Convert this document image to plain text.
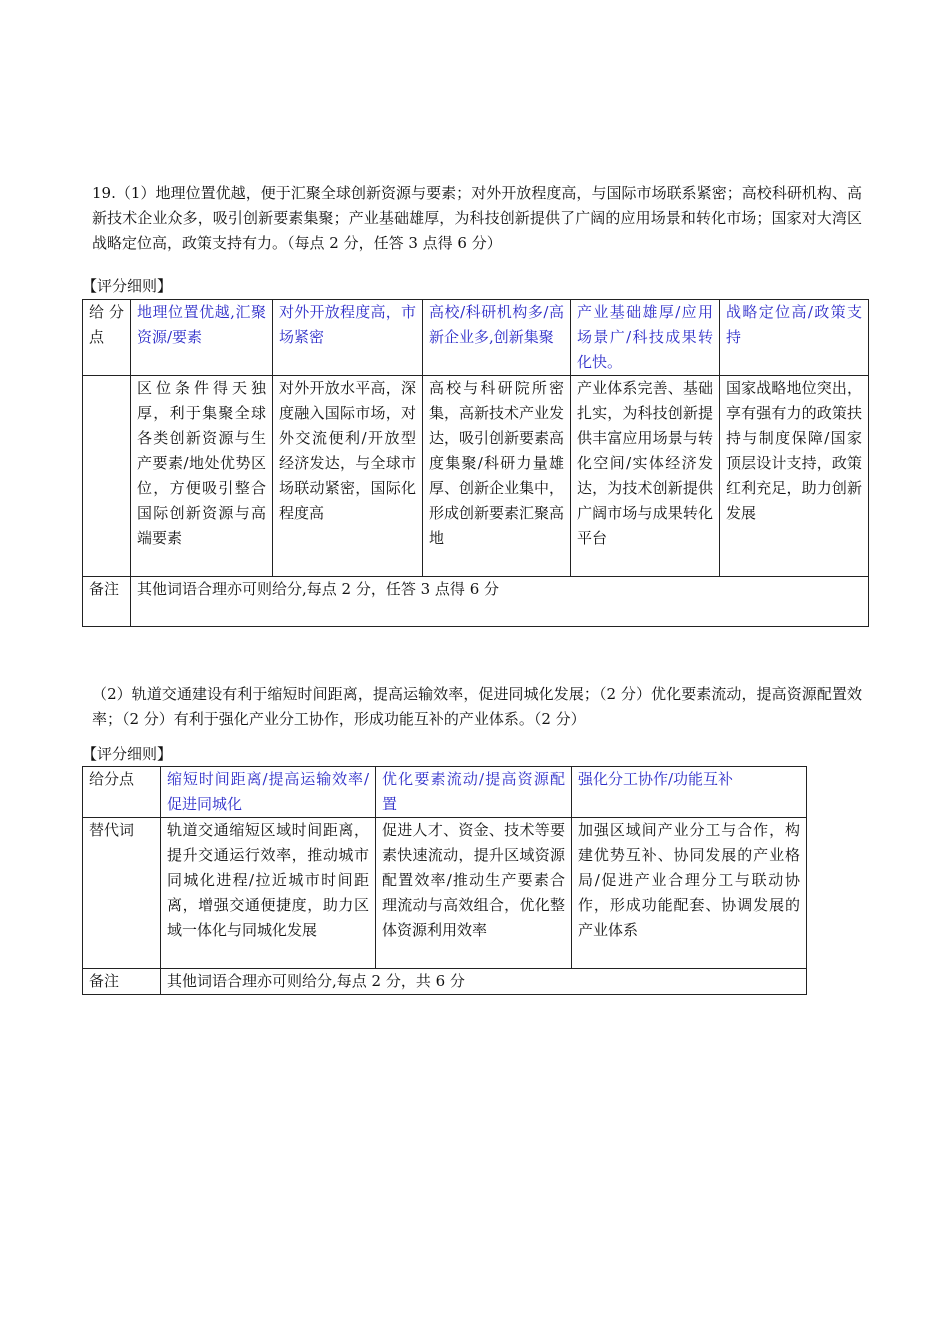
19.（1）地理位置优越，便于汇聚全球创新资源与要素；对外开放程度高，与国际市场联系紧密；高校科研机构、高新技术企业众多，吸引创新要素集聚；产业基础雄厚，为科技创新提供了广阔的应用场景和转化市场；国家对大湾区战略定位高，政策支持有力。（每点 2 分，任答 3 点得 6 分）

【评分细则】

给分点	地理位置优越,汇聚资源/要素	对外开放程度高，市场紧密	高校/科研机构多/高新企业多,创新集聚	产业基础雄厚/应用场景广/科技成果转化快。	战略定位高/政策支持
	区位条件得天独厚，利于集聚全球各类创新资源与生产要素/地处优势区位，方便吸引整合国际创新资源与高端要素	对外开放水平高，深度融入国际市场，对外交流便利/开放型经济发达，与全球市场联动紧密，国际化程度高	高校与科研院所密集，高新技术产业发达，吸引创新要素高度集聚/科研力量雄厚、创新企业集中，形成创新要素汇聚高地	产业体系完善、基础扎实，为科技创新提供丰富应用场景与转化空间/实体经济发达，为技术创新提供广阔市场与成果转化平台	国家战略地位突出，享有强有力的政策扶持与制度保障/国家顶层设计支持，政策红利充足，助力创新发展
备注	其他词语合理亦可则给分,每点 2 分，任答 3 点得 6 分				

（2）轨道交通建设有利于缩短时间距离，提高运输效率，促进同城化发展；（2 分）优化要素流动，提高资源配置效率；（2 分）有利于强化产业分工协作，形成功能互补的产业体系。（2 分）

【评分细则】

给分点	缩短时间距离/提高运输效率/促进同城化	优化要素流动/提高资源配置	强化分工协作/功能互补
替代词	轨道交通缩短区域时间距离，提升交通运行效率，推动城市同城化进程/拉近城市时间距离，增强交通便捷度，助力区域一体化与同城化发展	促进人才、资金、技术等要素快速流动，提升区域资源配置效率/推动生产要素合理流动与高效组合，优化整体资源利用效率	加强区域间产业分工与合作，构建优势互补、协同发展的产业格局/促进产业合理分工与联动协作，形成功能配套、协调发展的产业体系
备注	其他词语合理亦可则给分,每点 2 分，共 6 分		
